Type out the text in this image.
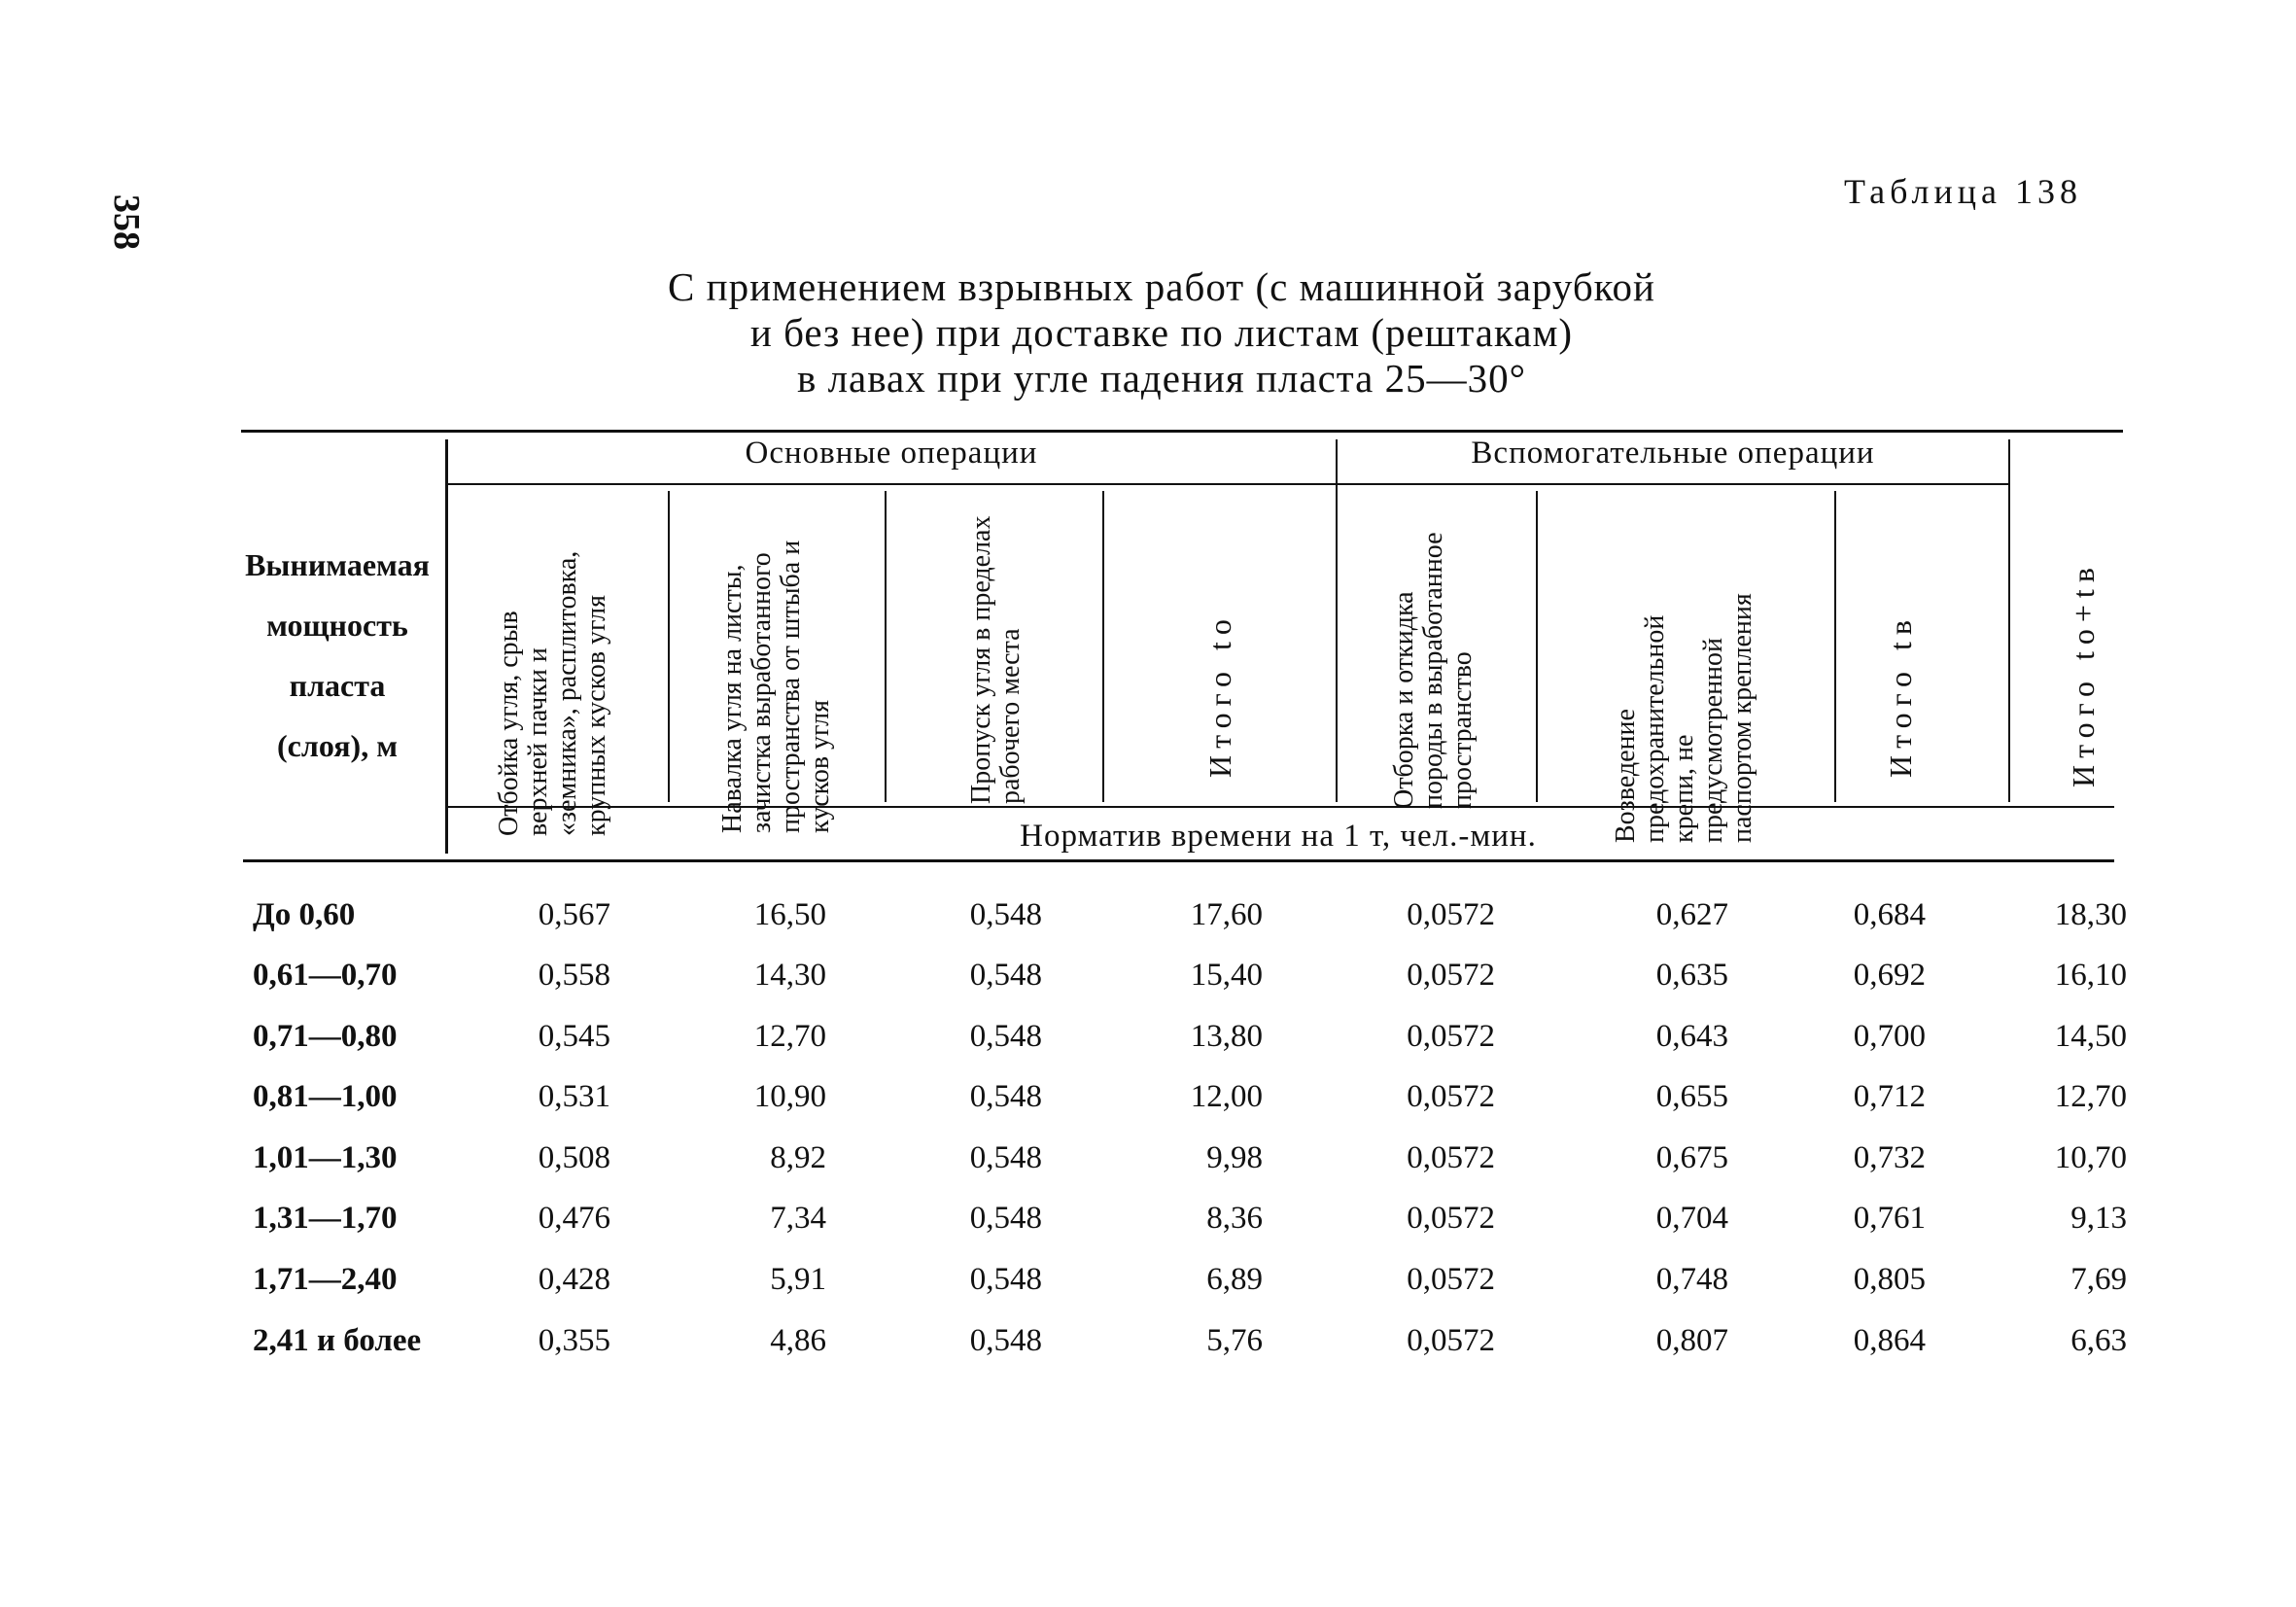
358
Таблица 138
С применением взрывных работ (с машинной зарубкой
и без нее) при доставке по листам (рештакам)
в лавах при угле падения пласта 25—30°
Основные операции	Вспомогательные операции
Вынимаемая
мощность
пласта
(слоя), м	Отбойка угля, срыв верхней пачки и «земника», расплитовка, крупных кусков угля	Навалка угля на листы, зачистка выработанного пространства от штыба и кусков угля	Пропуск угля в пределах рабочего места	Итого tо	Отборка и откидка породы в выработанное пространство	Возведение предохранительной крепи, не предусмотренной паспортом крепления	Итого tв	Итого tо+tв
Норматив времени на 1 т, чел.-мин.
До 0,60	0,567	16,50	0,548	17,60	0,0572	0,627	0,684	18,30
0,61—0,70	0,558	14,30	0,548	15,40	0,0572	0,635	0,692	16,10
0,71—0,80	0,545	12,70	0,548	13,80	0,0572	0,643	0,700	14,50
0,81—1,00	0,531	10,90	0,548	12,00	0,0572	0,655	0,712	12,70
1,01—1,30	0,508	8,92	0,548	9,98	0,0572	0,675	0,732	10,70
1,31—1,70	0,476	7,34	0,548	8,36	0,0572	0,704	0,761	9,13
1,71—2,40	0,428	5,91	0,548	6,89	0,0572	0,748	0,805	7,69
2,41 и более	0,355	4,86	0,548	5,76	0,0572	0,807	0,864	6,63
